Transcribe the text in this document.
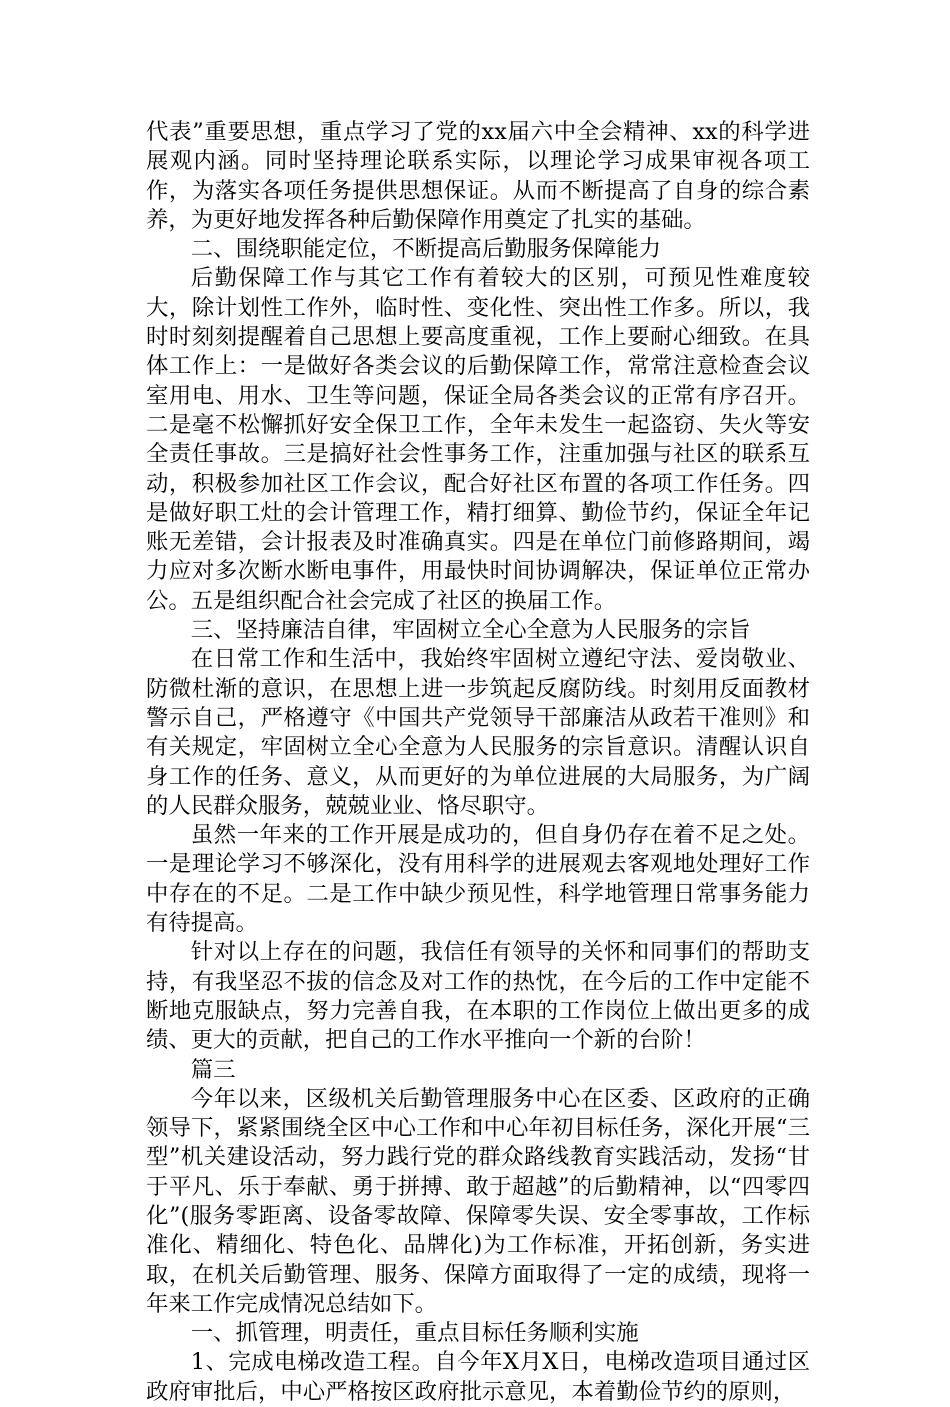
代表”重要思想，重点学习了党的xx届六中全会精神、xx的科学进展观内涵。同时坚持理论联系实际，以理论学习成果审视各项工作，为落实各项任务提供思想保证。从而不断提高了自身的综合素养，为更好地发挥各种后勤保障作用奠定了扎实的基础。

二、围绕职能定位，不断提高后勤服务保障能力

后勤保障工作与其它工作有着较大的区别，可预见性难度较大，除计划性工作外，临时性、变化性、突出性工作多。所以，我时时刻刻提醒着自己思想上要高度重视，工作上要耐心细致。在具体工作上：一是做好各类会议的后勤保障工作，常常注意检查会议室用电、用水、卫生等问题，保证全局各类会议的正常有序召开。二是毫不松懈抓好安全保卫工作，全年未发生一起盗窃、失火等安全责任事故。三是搞好社会性事务工作，注重加强与社区的联系互动，积极参加社区工作会议，配合好社区布置的各项工作任务。四是做好职工灶的会计管理工作，精打细算、勤俭节约，保证全年记账无差错，会计报表及时准确真实。四是在单位门前修路期间，竭力应对多次断水断电事件，用最快时间协调解决，保证单位正常办公。五是组织配合社会完成了社区的换届工作。

三、坚持廉洁自律，牢固树立全心全意为人民服务的宗旨

在日常工作和生活中，我始终牢固树立遵纪守法、爱岗敬业、防微杜渐的意识，在思想上进一步筑起反腐防线。时刻用反面教材警示自己，严格遵守《中国共产党领导干部廉洁从政若干准则》和有关规定，牢固树立全心全意为人民服务的宗旨意识。清醒认识自身工作的任务、意义，从而更好的为单位进展的大局服务，为广阔的人民群众服务，兢兢业业、恪尽职守。

虽然一年来的工作开展是成功的，但自身仍存在着不足之处。一是理论学习不够深化，没有用科学的进展观去客观地处理好工作中存在的不足。二是工作中缺少预见性，科学地管理日常事务能力有待提高。

针对以上存在的问题，我信任有领导的关怀和同事们的帮助支持，有我坚忍不拔的信念及对工作的热忱，在今后的工作中定能不断地克服缺点，努力完善自我，在本职的工作岗位上做出更多的成绩、更大的贡献，把自己的工作水平推向一个新的台阶！

篇三

今年以来，区级机关后勤管理服务中心在区委、区政府的正确领导下，紧紧围绕全区中心工作和中心年初目标任务，深化开展“三型”机关建设活动，努力践行党的群众路线教育实践活动，发扬“甘于平凡、乐于奉献、勇于拼搏、敢于超越”的后勤精神，以“四零四化”(服务零距离、设备零故障、保障零失误、安全零事故，工作标准化、精细化、特色化、品牌化)为工作标准，开拓创新，务实进取，在机关后勤管理、服务、保障方面取得了一定的成绩，现将一年来工作完成情况总结如下。

一、抓管理，明责任，重点目标任务顺利实施

1、完成电梯改造工程。自今年X月X日，电梯改造项目通过区政府审批后，中心严格按区政府批示意见，本着勤俭节约的原则，
